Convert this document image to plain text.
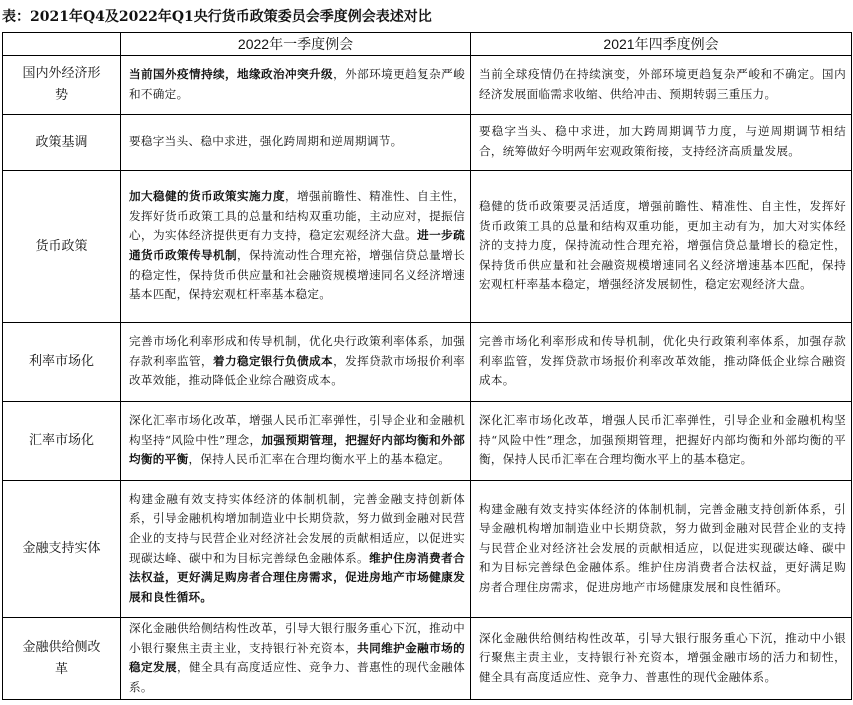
表：2021年Q4及2022年Q1央行货币政策委员会季度例会表述对比
	2022年一季度例会	2021年四季度例会
国内外经济形势	当前国外疫情持续，地缘政治冲突升级，外部环境更趋复杂严峻和不确定。	当前全球疫情仍在持续演变，外部环境更趋复杂严峻和不确定。国内经济发展面临需求收缩、供给冲击、预期转弱三重压力。
政策基调	要稳字当头、稳中求进，强化跨周期和逆周期调节。	要稳字当头、稳中求进，加大跨周期调节力度，与逆周期调节相结合，统筹做好今明两年宏观政策衔接，支持经济高质量发展。
货币政策	加大稳健的货币政策实施力度，增强前瞻性、精准性、自主性，发挥好货币政策工具的总量和结构双重功能，主动应对，提振信心，为实体经济提供更有力支持，稳定宏观经济大盘。进一步疏通货币政策传导机制，保持流动性合理充裕，增强信贷总量增长的稳定性，保持货币供应量和社会融资规模增速同名义经济增速基本匹配，保持宏观杠杆率基本稳定。	稳健的货币政策要灵活适度，增强前瞻性、精准性、自主性，发挥好货币政策工具的总量和结构双重功能，更加主动有为，加大对实体经济的支持力度，保持流动性合理充裕，增强信贷总量增长的稳定性，保持货币供应量和社会融资规模增速同名义经济增速基本匹配，保持宏观杠杆率基本稳定，增强经济发展韧性，稳定宏观经济大盘。
利率市场化	完善市场化利率形成和传导机制，优化央行政策利率体系，加强存款利率监管，着力稳定银行负债成本，发挥贷款市场报价利率改革效能，推动降低企业综合融资成本。	完善市场化利率形成和传导机制，优化央行政策利率体系，加强存款利率监管，发挥贷款市场报价利率改革效能，推动降低企业综合融资成本。
汇率市场化	深化汇率市场化改革，增强人民币汇率弹性，引导企业和金融机构坚持“风险中性”理念，加强预期管理，把握好内部均衡和外部均衡的平衡，保持人民币汇率在合理均衡水平上的基本稳定。	深化汇率市场化改革，增强人民币汇率弹性，引导企业和金融机构坚持“风险中性”理念，加强预期管理，把握好内部均衡和外部均衡的平衡，保持人民币汇率在合理均衡水平上的基本稳定。
金融支持实体	构建金融有效支持实体经济的体制机制，完善金融支持创新体系，引导金融机构增加制造业中长期贷款，努力做到金融对民营企业的支持与民营企业对经济社会发展的贡献相适应，以促进实现碳达峰、碳中和为目标完善绿色金融体系。维护住房消费者合法权益，更好满足购房者合理住房需求，促进房地产市场健康发展和良性循环。	构建金融有效支持实体经济的体制机制，完善金融支持创新体系，引导金融机构增加制造业中长期贷款，努力做到金融对民营企业的支持与民营企业对经济社会发展的贡献相适应，以促进实现碳达峰、碳中和为目标完善绿色金融体系。维护住房消费者合法权益，更好满足购房者合理住房需求，促进房地产市场健康发展和良性循环。
金融供给侧改革	深化金融供给侧结构性改革，引导大银行服务重心下沉，推动中小银行聚焦主责主业，支持银行补充资本，共同维护金融市场的稳定发展，健全具有高度适应性、竞争力、普惠性的现代金融体系。	深化金融供给侧结构性改革，引导大银行服务重心下沉，推动中小银行聚焦主责主业，支持银行补充资本，增强金融市场的活力和韧性，健全具有高度适应性、竞争力、普惠性的现代金融体系。
